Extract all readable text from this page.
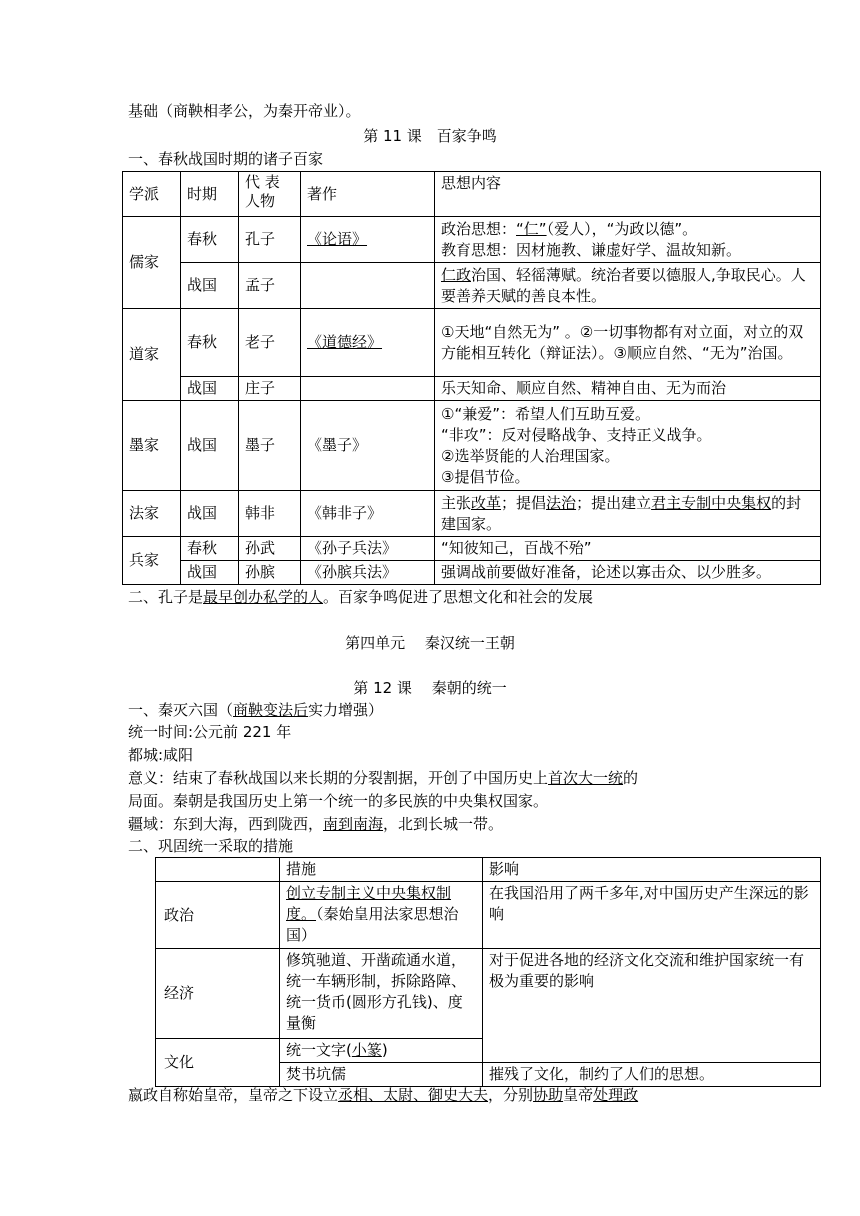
基础（商鞅相孝公，为秦开帝业）。
第 11 课　百家争鸣
一、春秋战国时期的诸子百家
学派	时期	代 表 人物	著作	思想内容
儒家	春秋	孔子	《论语》	政治思想：“仁”（爱人），“为政以德”。
教育思想：因材施教、谦虚好学、温故知新。
	战国	孟子		仁政治国、轻徭薄赋。统治者要以德服人,争取民心。人要善养天赋的善良本性。
道家	春秋	老子	《道德经》	①天地“自然无为” 。②一切事物都有对立面，对立的双方能相互转化（辩证法）。③顺应自然、“无为”治国。
	战国	庄子		乐天知命、顺应自然、精神自由、无为而治
墨家	战国	墨子	《墨子》	①“兼爱”：希望人们互助互爱。
“非攻”：反对侵略战争、支持正义战争。
②选举贤能的人治理国家。
③提倡节俭。
法家	战国	韩非	《韩非子》	主张改革；提倡法治；提出建立君主专制中央集权的封建国家。
兵家	春秋	孙武	《孙子兵法》	“知彼知己，百战不殆”
	战国	孙膑	《孙膑兵法》	强调战前要做好准备，论述以寡击众、以少胜多。
二、孔子是最早创办私学的人。百家争鸣促进了思想文化和社会的发展
第四单元　 秦汉统一王朝
第 12 课　 秦朝的统一
一、秦灭六国（商鞅变法后实力增强）
统一时间:公元前 221 年
都城:咸阳
意义：结束了春秋战国以来长期的分裂割据，开创了中国历史上首次大一统的
局面。秦朝是我国历史上第一个统一的多民族的中央集权国家。
疆域：东到大海，西到陇西，南到南海，北到长城一带。
二、巩固统一采取的措施
	措施	影响
政治	创立专制主义中央集权制度。（秦始皇用法家思想治国）	在我国沿用了两千多年,对中国历史产生深远的影响
经济	修筑驰道、开凿疏通水道，统一车辆形制，拆除路障、统一货币(圆形方孔钱)、度量衡	对于促进各地的经济文化交流和维护国家统一有极为重要的影响
文化	统一文字(小篆)	
	焚书坑儒	摧残了文化，制约了人们的思想。
嬴政自称始皇帝，皇帝之下设立丞相、太尉、御史大夫，分别协助皇帝处理政
